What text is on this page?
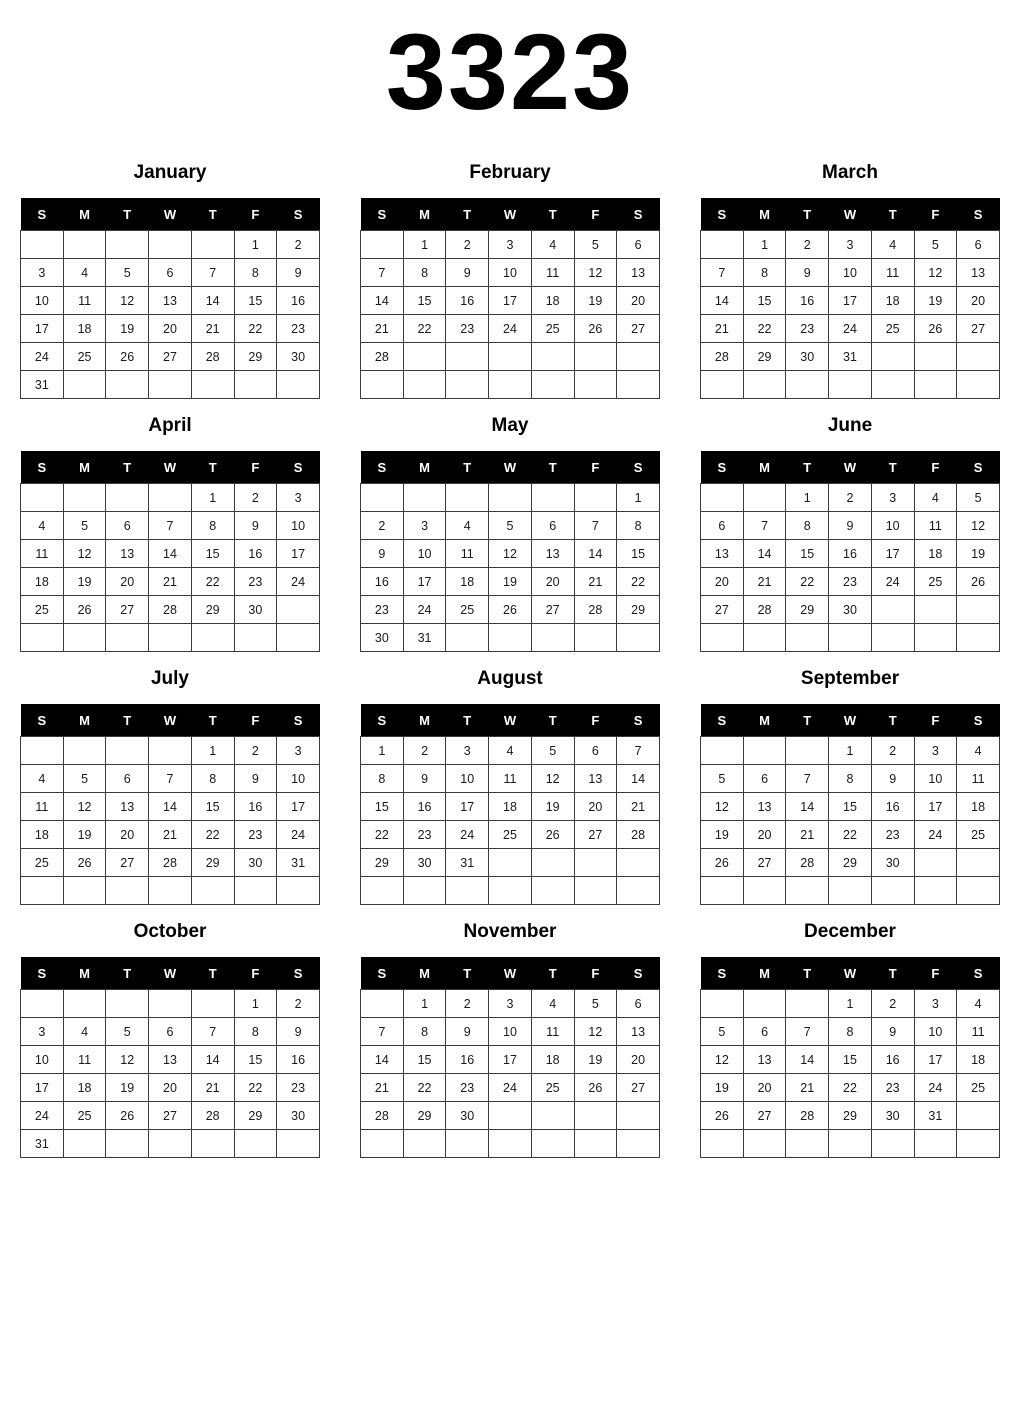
3323
January
S	M	T	W	T	F	S
					1	2
3	4	5	6	7	8	9
10	11	12	13	14	15	16
17	18	19	20	21	22	23
24	25	26	27	28	29	30
31						
February
S	M	T	W	T	F	S
	1	2	3	4	5	6
7	8	9	10	11	12	13
14	15	16	17	18	19	20
21	22	23	24	25	26	27
28						

March
S	M	T	W	T	F	S
	1	2	3	4	5	6
7	8	9	10	11	12	13
14	15	16	17	18	19	20
21	22	23	24	25	26	27
28	29	30	31			

April
S	M	T	W	T	F	S
				1	2	3
4	5	6	7	8	9	10
11	12	13	14	15	16	17
18	19	20	21	22	23	24
25	26	27	28	29	30	

May
S	M	T	W	T	F	S
						1
2	3	4	5	6	7	8
9	10	11	12	13	14	15
16	17	18	19	20	21	22
23	24	25	26	27	28	29
30	31					
June
S	M	T	W	T	F	S
		1	2	3	4	5
6	7	8	9	10	11	12
13	14	15	16	17	18	19
20	21	22	23	24	25	26
27	28	29	30			

July
S	M	T	W	T	F	S
				1	2	3
4	5	6	7	8	9	10
11	12	13	14	15	16	17
18	19	20	21	22	23	24
25	26	27	28	29	30	31

August
S	M	T	W	T	F	S
1	2	3	4	5	6	7
8	9	10	11	12	13	14
15	16	17	18	19	20	21
22	23	24	25	26	27	28
29	30	31				

September
S	M	T	W	T	F	S
			1	2	3	4
5	6	7	8	9	10	11
12	13	14	15	16	17	18
19	20	21	22	23	24	25
26	27	28	29	30		

October
S	M	T	W	T	F	S
					1	2
3	4	5	6	7	8	9
10	11	12	13	14	15	16
17	18	19	20	21	22	23
24	25	26	27	28	29	30
31						
November
S	M	T	W	T	F	S
	1	2	3	4	5	6
7	8	9	10	11	12	13
14	15	16	17	18	19	20
21	22	23	24	25	26	27
28	29	30				

December
S	M	T	W	T	F	S
			1	2	3	4
5	6	7	8	9	10	11
12	13	14	15	16	17	18
19	20	21	22	23	24	25
26	27	28	29	30	31	
